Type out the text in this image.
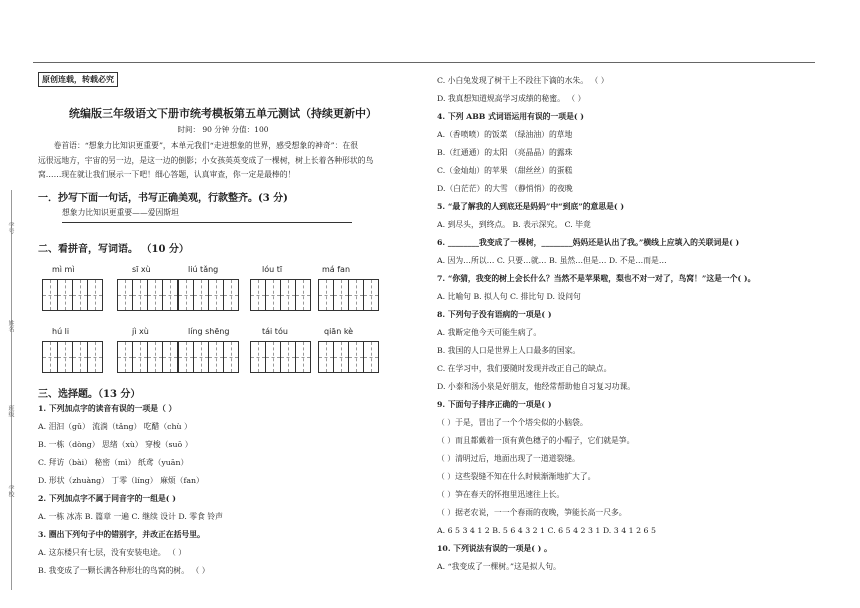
学号
姓名
班级
学校
原创连载，转载必究
统编版三年级语文下册市统考模板第五单元测试（持续更新中）
时间： 90 分钟 分值：100
卷首语：“想象力比知识更重要”，本单元我们“走进想象的世界，感受想象的神奇”：在很
远很远地方，宇宙的另一边，是这一边的倒影；小女孩英英变成了一棵树，树上长着各种形状的鸟
窝……现在就让我们展示一下吧！细心答题，认真审查，你一定是最棒的！
一．抄写下面一句话，书写正确美观，行款整齐。(3 分)
想象力比知识更重要——爱因斯坦
二、看拼音，写词语。 （10 分）
mì mì	sī xù	liú tǎng	lóu tī	má fan
hú li	jì xù	líng shēng	tái tóu	qiān kè
三、选择题。（13 分）
1. 下列加点字的读音有误的一项是（ ）
A. 泪汩（gǔ） 流淌（tǎng） 吃醋（chù ）
B. 一栋（dòng） 思绪（xù） 穿梭（suō ）
C. 拜访（bài） 秘密（mì） 纸鸢（yuān）
D. 形状（zhuàng） 丁零（líng） 麻烦（fan）
2. 下列加点字不属于同音字的一组是( )
A. 一栋 冰冻 B. 篇章 一遍 C. 继续 设计 D. 零食 铃声
3. 圈出下列句子中的错别字，并改正在括号里。
A. 这东楼只有七层，没有安装电途。 （ ）
B. 我变成了一颗长满各种形壮的鸟窝的树。 （ ）
C. 小白兔发现了树干上不段往下滴的水朱。 （ ）
D. 我真想知道规高学习成绩的秘蜜。 （ ）
4. 下列 ABB 式词语运用有误的一项是( )
A.（香喷喷）的饭菜 （绿油油）的草地
B.（红通通）的太阳 （亮晶晶）的露珠
C.（金灿灿）的苹果 （甜丝丝）的蛋糕
D.（白茫茫）的大雪 （静悄悄）的夜晚
5. “最了解我的人到底还是妈妈”中“到底”的意思是( )
A. 到尽头，到终点。 B. 表示深究。 C. 毕竟
6. ________我变成了一棵树，________妈妈还是认出了我。”横线上应填入的关联词是( )
A. 因为…所以… C. 只要…就… B. 虽然…但是… D. 不是…而是…
7. “你猜，我变的树上会长什么？当然不是苹果啦，梨也不对一对了，鸟窝！”这是一个( )。
A. 比喻句 B. 拟人句 C. 排比句 D. 设问句
8. 下列句子没有语病的一项是( )
A. 我断定他今天可能生病了。
B. 我国的人口是世界上人口最多的国家。
C. 在学习中，我们要随时发现并改正自己的缺点。
D. 小泰和汤小泉是好朋友，他经常帮助他自习复习功课。
9. 下面句子排序正确的一项是( )
（ ）于是，冒出了一个个塔尖似的小脑袋。
（ ）而且都戴着一顶有黄色穗子的小帽子，它们就是笋。
（ ）清明过后，地面出现了一道道裂缝。
（ ）这些裂缝不知在什么时候渐渐地扩大了。
（ ）笋在春天的怀抱里迅速往上长。
（ ）据老农说，一一个春雨的夜晚，笋能长高一尺多。
A. 6 5 3 4 1 2 B. 5 6 4 3 2 1 C. 6 5 4 2 3 1 D. 3 4 1 2 6 5
10. 下列说法有误的一项是( ) 。
A. “我变成了一棵树。”这是拟人句。
